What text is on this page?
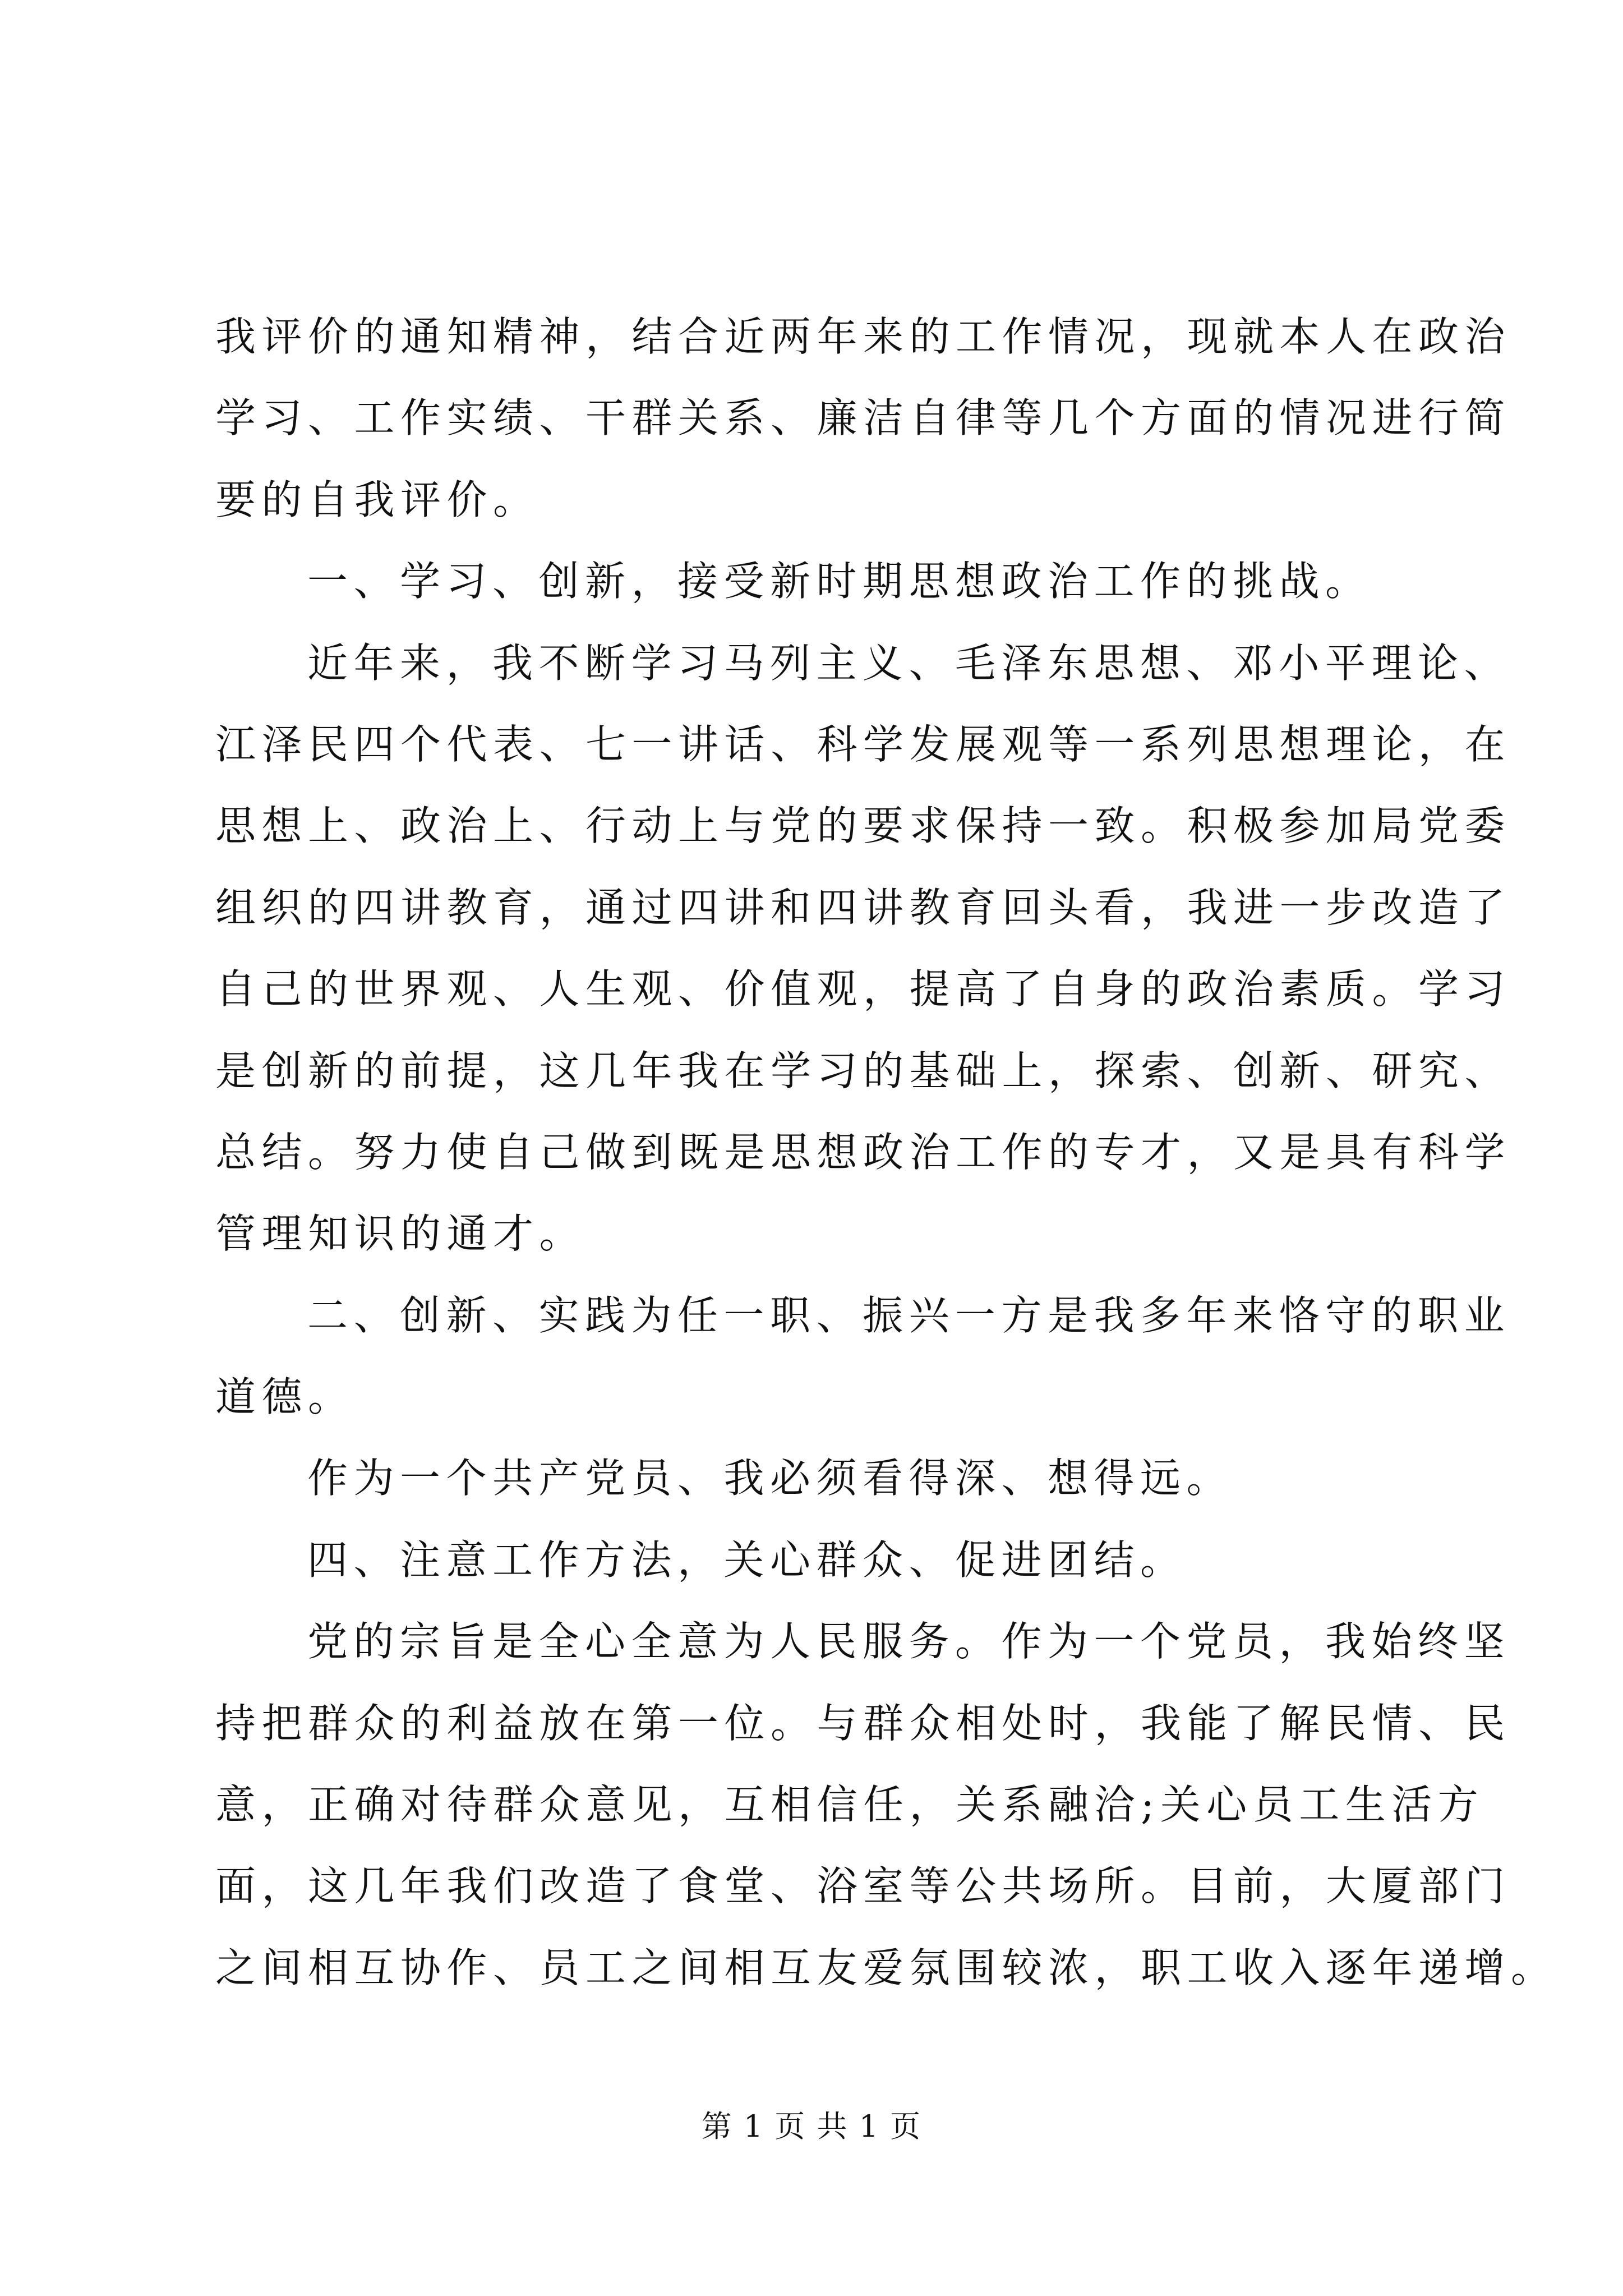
我评价的通知精神，结合近两年来的工作情况，现就本人在政治
学习、工作实绩、干群关系、廉洁自律等几个方面的情况进行简
要的自我评价。
一、学习、创新，接受新时期思想政治工作的挑战。
近年来，我不断学习马列主义、毛泽东思想、邓小平理论、
江泽民四个代表、七一讲话、科学发展观等一系列思想理论，在
思想上、政治上、行动上与党的要求保持一致。积极参加局党委
组织的四讲教育，通过四讲和四讲教育回头看，我进一步改造了
自己的世界观、人生观、价值观，提高了自身的政治素质。学习
是创新的前提，这几年我在学习的基础上，探索、创新、研究、
总结。努力使自己做到既是思想政治工作的专才，又是具有科学
管理知识的通才。
二、创新、实践为任一职、振兴一方是我多年来恪守的职业
道德。
作为一个共产党员、我必须看得深、想得远。
四、注意工作方法，关心群众、促进团结。
党的宗旨是全心全意为人民服务。作为一个党员，我始终坚
持把群众的利益放在第一位。与群众相处时，我能了解民情、民
意，正确对待群众意见，互相信任，关系融洽;关心员工生活方
面，这几年我们改造了食堂、浴室等公共场所。目前，大厦部门
之间相互协作、员工之间相互友爱氛围较浓，职工收入逐年递增。
第 1 页 共 1 页
